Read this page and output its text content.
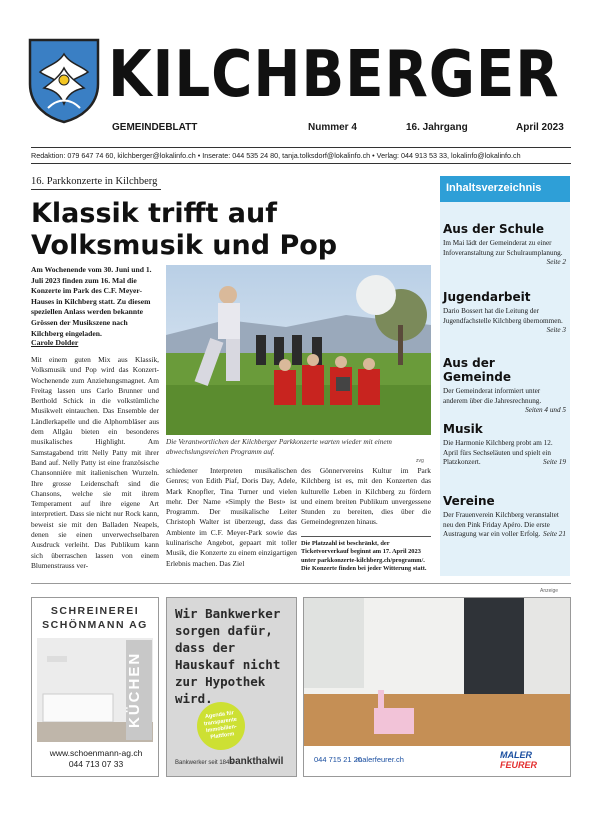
KILCHBERGER
GEMEINDEBLATT	Nummer 4	16. Jahrgang	April 2023
Redaktion: 079 647 74 60, kilchberger@lokalinfo.ch • Inserate: 044 535 24 80, tanja.tolksdorf@lokalinfo.ch • Verlag: 044 913 53 33, lokalinfo@lokalinfo.ch
16. Parkkonzerte in Kilchberg
Klassik trifft auf Volksmusik und Pop

Am Wochenende vom 30. Juni und 1. Juli 2023 finden zum 16. Mal die Konzerte im Park des C.F. Meyer-Hauses in Kilchberg statt. Zu diesem speziellen Anlass werden bekannte Grössen der Musikszene nach Kilchberg eingeladen.

Carole Dolder

Mit einem guten Mix aus Klassik, Volksmusik und Pop wird das Konzert-Wochenende zum Anziehungsmagnet. Am Freitag lassen uns Carlo Brunner und Berthold Schick in die volkstümliche Musikwelt eintauchen. Das Ensemble der Ländlerkapelle und die Alphornbläser aus dem Allgäu bieten ein besonderes musikalisches Highlight. Am Samstagabend tritt Nelly Patty mit ihrer Band auf. Nelly Patty ist eine französische Chansonnière mit italienischen Wurzeln. Ihre grosse Leidenschaft sind die Chansons, welche sie mit ihrem Temperament auf ihre eigene Art interpretiert. Dass sie nicht nur Rock kann, beweist sie mit den Balladen Neapels, denen sie einen unverwechselbaren Ausdruck verleiht. Das Publikum kann sich überraschen lassen von einem Blumenstrauss ver-

Die Verantwortlichen der Kilchberger Parkkonzerte warten wieder mit einem abwechslungsreichen Programm auf.
zvg

schiedener Interpreten musikalischen Genres; von Edith Piaf, Doris Day, Adele, Mark Knopfler, Tina Turner und vielen mehr. Der Name «Simply the Best» ist Programm. Der musikalische Leiter Christoph Walter ist überzeugt, dass das Ambiente im C.F. Meyer-Park sowie das kulinarische Angebot, gepaart mit toller Musik, die Konzerte zu einem einzigartigen Erlebnis machen. Das Ziel

des Gönnervereins Kultur im Park Kilchberg ist es, mit den Konzerten das kulturelle Leben in Kilchberg zu fördern und einem breiten Publikum unvergessene Stunden zu bereiten, dies über die Gemeindegrenzen hinaus.

Die Platzzahl ist beschränkt, der Ticketvorverkauf beginnt am 17. April 2023 unter parkkonzerte-kilchberg.ch/programm/. Die Konzerte finden bei jeder Witterung statt.

Inhaltsverzeichnis
Aus der Schule
Im Mai lädt der Gemeinderat zu einer Infoveranstaltung zur Schulraumplanung.
Seite 2
Jugendarbeit
Dario Bossert hat die Leitung der Jugendfachstelle Kilchberg übernommen.
Seite 3
Aus der Gemeinde
Der Gemeinderat informiert unter anderem über die Jahresrechnung.
Seiten 4 und 5
Musik
Die Harmonie Kilchberg probt am 12. April fürs Sechseläuten und spielt ein Platzkonzert.	Seite 19
Vereine
Der Frauenverein Kilchberg veranstaltet neu den Pink Friday Apéro. Die erste Austragung war ein voller Erfolg. Seite 21
Anzeige
SCHREINEREI
SCHÖNMANN AG
KÜCHEN
www.schoenmann-ag.ch
044 713 07 33
Wir Bankwerker sorgen dafür, dass der Hauskauf nicht zur Hypothek wird.
Agenda für transparente Immobilien-Plattform
Bankwerker seit 1845
bankthalwil	044 715 21 20
malerfeurer.ch	MALER FEURER
